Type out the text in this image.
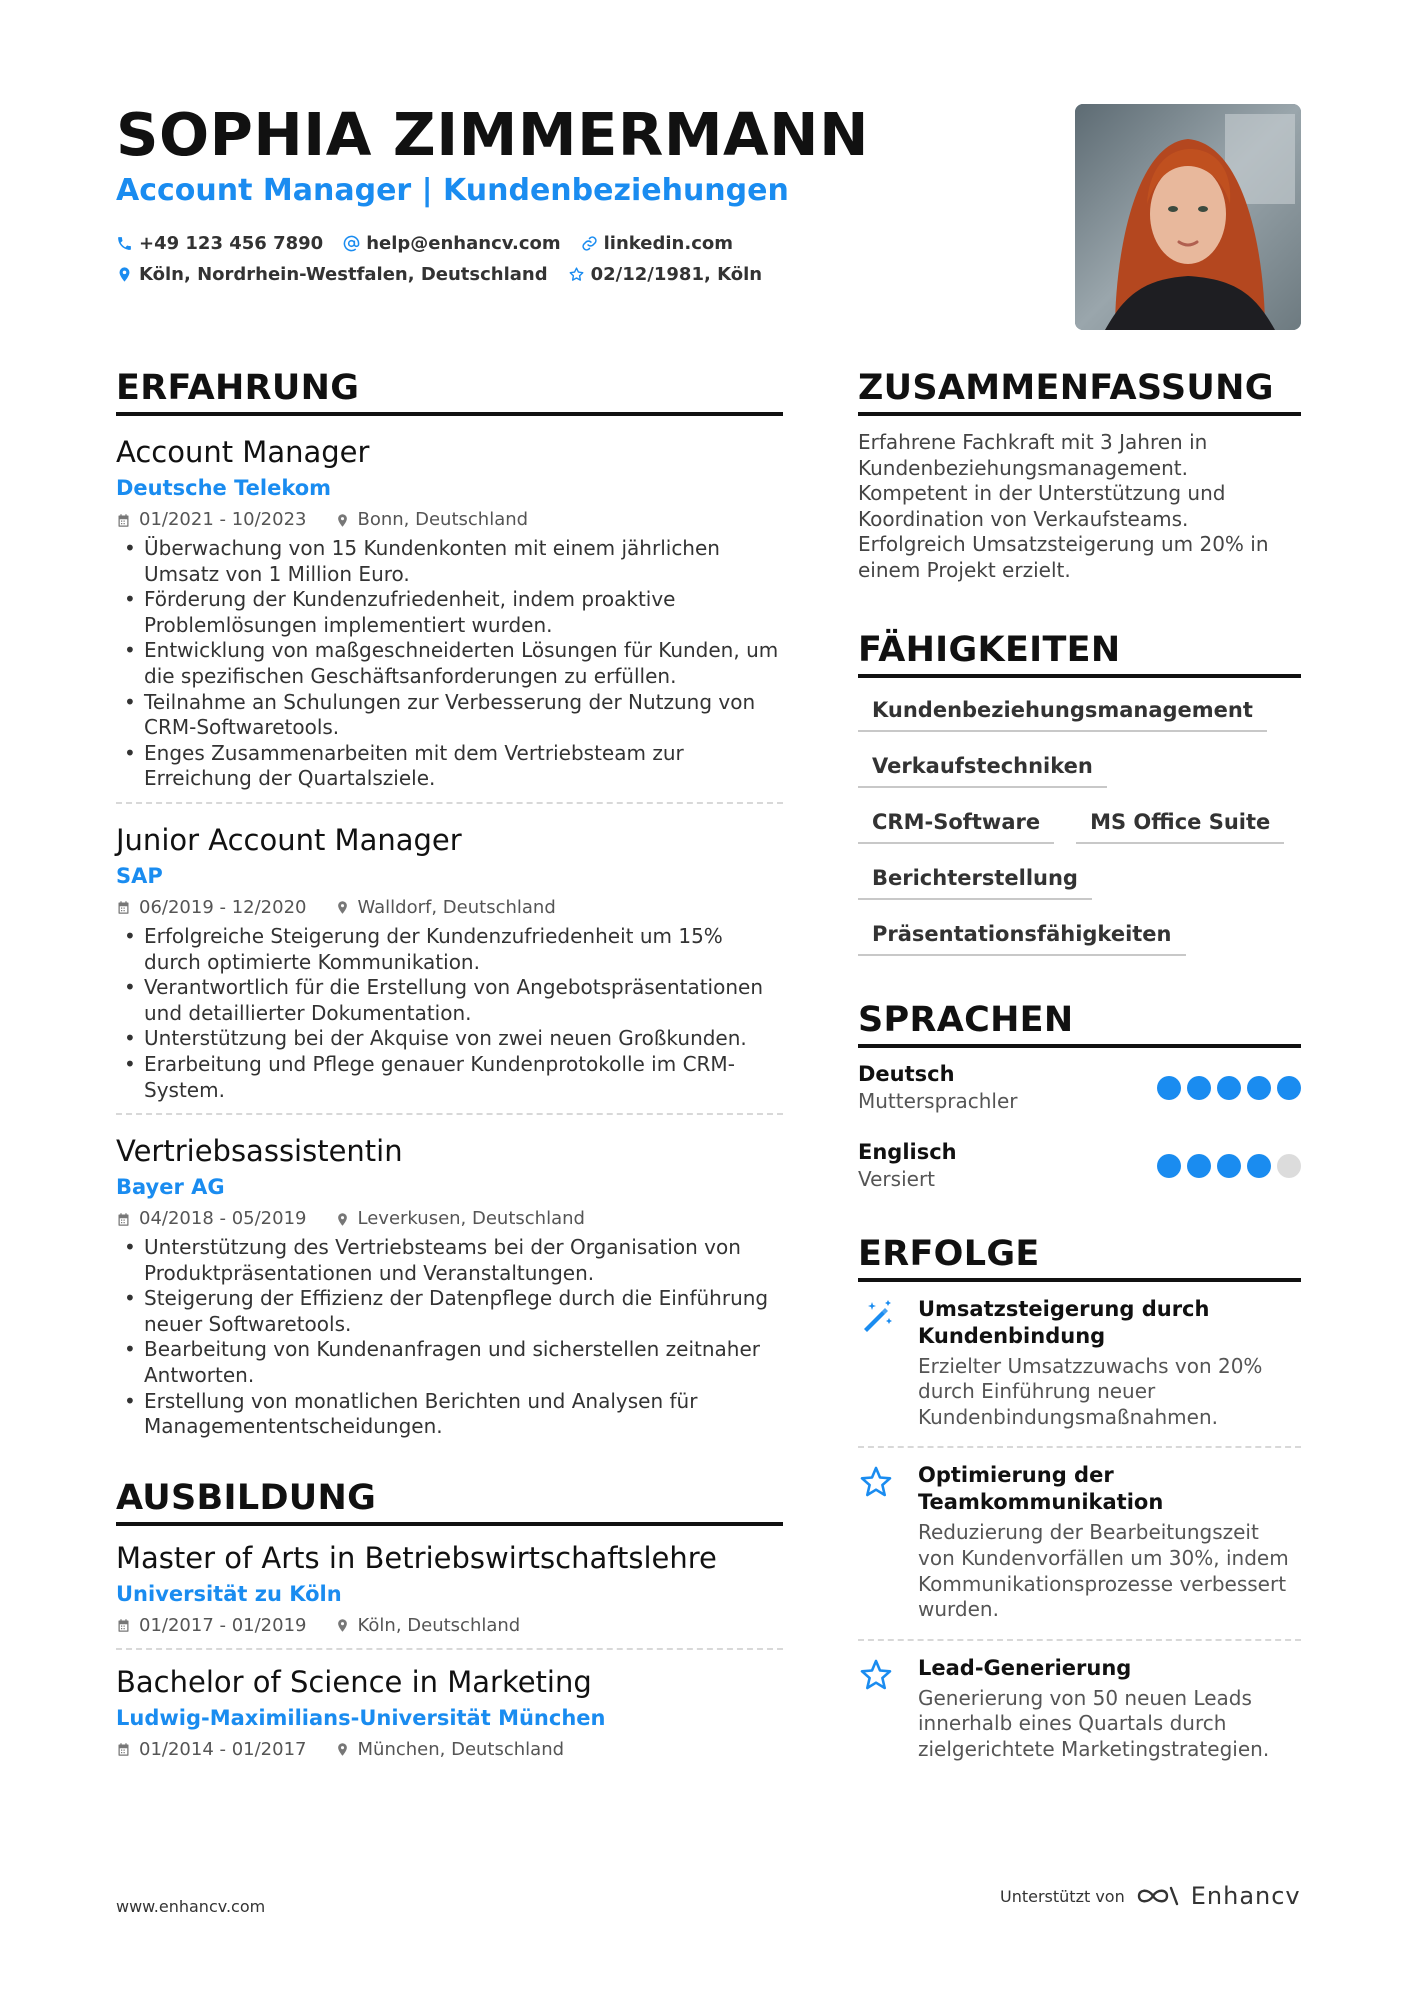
SOPHIA ZIMMERMANN
Account Manager | Kundenbeziehungen
+49 123 456 7890 help@enhancv.com linkedin.com
Köln, Nordrhein-Westfalen, Deutschland 02/12/1981, Köln
ERFAHRUNG
Account Manager
Deutsche Telekom
01/2021 - 10/2023	Bonn, Deutschland
• Überwachung von 15 Kundenkonten mit einem jährlichen Umsatz von 1 Million Euro.
• Förderung der Kundenzufriedenheit, indem proaktive Problemlösungen implementiert wurden.
• Entwicklung von maßgeschneiderten Lösungen für Kunden, um die spezifischen Geschäftsanforderungen zu erfüllen.
• Teilnahme an Schulungen zur Verbesserung der Nutzung von CRM-Softwaretools.
• Enges Zusammenarbeiten mit dem Vertriebsteam zur Erreichung der Quartalsziele.
Junior Account Manager
SAP
06/2019 - 12/2020	Walldorf, Deutschland
• Erfolgreiche Steigerung der Kundenzufriedenheit um 15% durch optimierte Kommunikation.
• Verantwortlich für die Erstellung von Angebotspräsentationen und detaillierter Dokumentation.
• Unterstützung bei der Akquise von zwei neuen Großkunden.
• Erarbeitung und Pflege genauer Kundenprotokolle im CRM-System.
Vertriebsassistentin
Bayer AG
04/2018 - 05/2019	Leverkusen, Deutschland
• Unterstützung des Vertriebsteams bei der Organisation von Produktpräsentationen und Veranstaltungen.
• Steigerung der Effizienz der Datenpflege durch die Einführung neuer Softwaretools.
• Bearbeitung von Kundenanfragen und sicherstellen zeitnaher Antworten.
• Erstellung von monatlichen Berichten und Analysen für Managemententscheidungen.
AUSBILDUNG
Master of Arts in Betriebswirtschaftslehre
Universität zu Köln
01/2017 - 01/2019	Köln, Deutschland
Bachelor of Science in Marketing
Ludwig-Maximilians-Universität München
01/2014 - 01/2017	München, Deutschland
ZUSAMMENFASSUNG
Erfahrene Fachkraft mit 3 Jahren in Kundenbeziehungsmanagement. Kompetent in der Unterstützung und Koordination von Verkaufsteams. Erfolgreich Umsatzsteigerung um 20% in einem Projekt erzielt.
FÄHIGKEITEN
Kundenbeziehungsmanagement
Verkaufstechniken
CRM-Software	MS Office Suite
Berichterstellung
Präsentationsfähigkeiten
SPRACHEN
Deutsch
Muttersprachler
Englisch
Versiert
ERFOLGE
Umsatzsteigerung durch Kundenbindung
Erzielter Umsatzzuwachs von 20% durch Einführung neuer Kundenbindungsmaßnahmen.
Optimierung der Teamkommunikation
Reduzierung der Bearbeitungszeit von Kundenvorfällen um 30%, indem Kommunikationsprozesse verbessert wurden.
Lead-Generierung
Generierung von 50 neuen Leads innerhalb eines Quartals durch zielgerichtete Marketingstrategien.
www.enhancv.com
Unterstützt von	Enhancv
